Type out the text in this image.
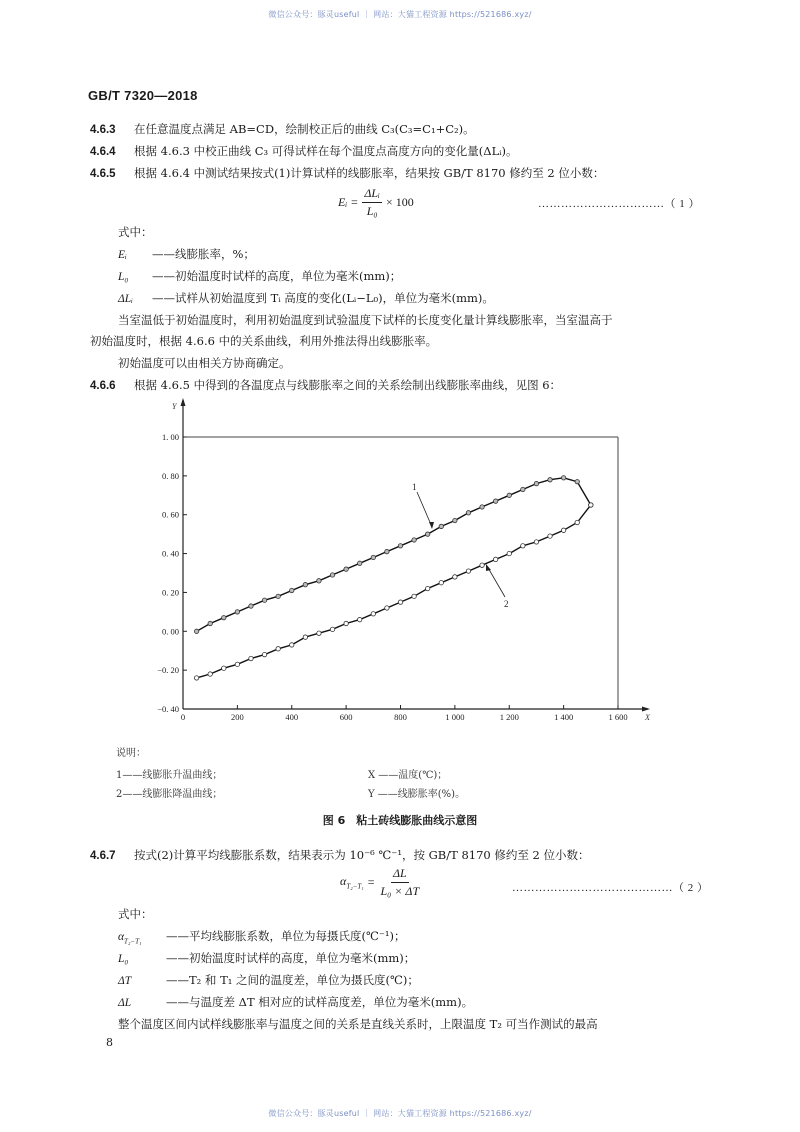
微信公众号：豚灵useful ｜ 网站：大猫工程资源 https://521686.xyz/
GB/T 7320—2018
4.6.3 在任意温度点满足 AB=CD，绘制校正后的曲线 C₃(C₃=C₁+C₂)。
4.6.4 根据 4.6.3 中校正曲线 C₃ 可得试样在每个温度点高度方向的变化量(ΔLᵢ)。
4.6.5 根据 4.6.4 中测试结果按式(1)计算试样的线膨胀率，结果按 GB/T 8170 修约至 2 位小数：
Eᵢ = $\frac{\text{ΔLᵢ}}{\text{L₀}} \times 100$	……………………………（ 1 ）
式中：
Eᵢ ——线膨胀率，%；
L₀ ——初始温度时试样的高度，单位为毫米(mm)；
ΔLᵢ ——试样从初始温度到 Tᵢ 高度的变化(Lᵢ−L₀)，单位为毫米(mm)。
当室温低于初始温度时，利用初始温度到试验温度下试样的长度变化量计算线膨胀率，当室温高于
初始温度时，根据 4.6.6 中的关系曲线，利用外推法得出线膨胀率。
初始温度可以由相关方协商确定。
4.6.6 根据 4.6.5 中得到的各温度点与线膨胀率之间的关系绘制出线膨胀率曲线，见图 6：
Y
X
1. 00
0. 80
0. 60
0. 40
0. 20
0. 00
−0. 20
−0. 40
0	200	400	600	800	1 000	1 200	1 400	1 600
1
2
说明：
1——线膨胀升温曲线；
2——线膨胀降温曲线；
X ——温度(℃)；
Y ——线膨胀率(%)。
图 6　粘土砖线膨胀曲线示意图
4.6.7 按式(2)计算平均线膨胀系数，结果表示为 10⁻⁶ ℃⁻¹，按 GB/T 8170 修约至 2 位小数：
$\alpha_{T_2-T_1} = \frac{\Delta L}{\text{L₀ × ΔT}}$	……………………………………（ 2 ）
式中：
$\alpha_{T_2-T_1}$ ——平均线膨胀系数，单位为每摄氏度(℃⁻¹)；
L₀	——初始温度时试样的高度，单位为毫米(mm)；
ΔT	——T₂ 和 T₁ 之间的温度差，单位为摄氏度(℃)；
ΔL	——与温度差 ΔT 相对应的试样高度差，单位为毫米(mm)。
整个温度区间内试样线膨胀率与温度之间的关系是直线关系时，上限温度 T₂ 可当作测试的最高
8
微信公众号：豚灵useful ｜ 网站：大猫工程资源 https://521686.xyz/
